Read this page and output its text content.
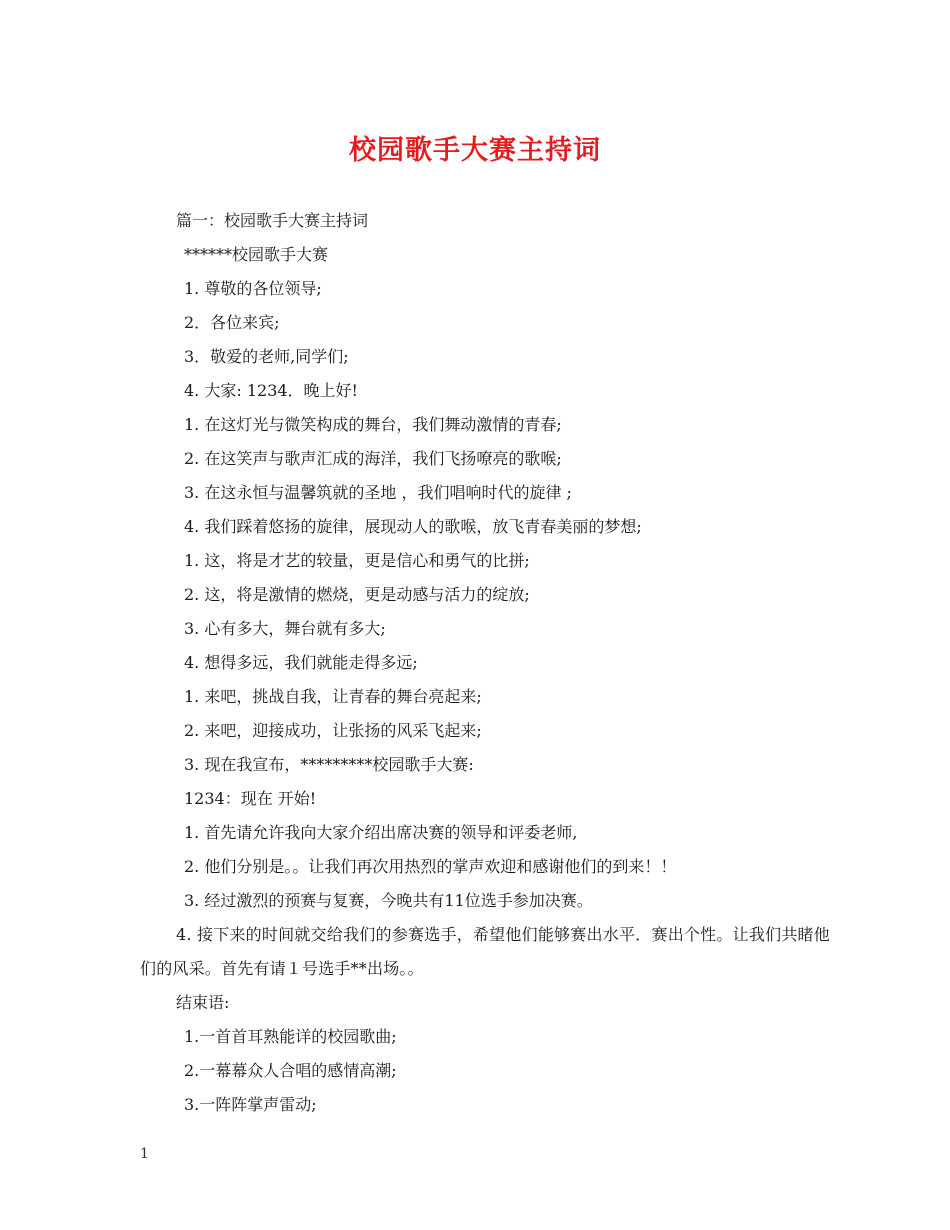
校园歌手大赛主持词

篇一：校园歌手大赛主持词

******校园歌手大赛

1. 尊敬的各位领导;

2．各位来宾;

3．敬爱的老师,同学们;

4. 大家: 1234．晚上好!

1. 在这灯光与微笑构成的舞台，我们舞动激情的青春;

2. 在这笑声与歌声汇成的海洋，我们飞扬嘹亮的歌喉;

3. 在这永恒与温馨筑就的圣地 ，我们唱响时代的旋律 ;

4. 我们踩着悠扬的旋律，展现动人的歌喉，放飞青春美丽的梦想;

1. 这，将是才艺的较量，更是信心和勇气的比拼;

2. 这，将是激情的燃烧，更是动感与活力的绽放;

3. 心有多大，舞台就有多大;

4. 想得多远，我们就能走得多远;

1. 来吧，挑战自我，让青春的舞台亮起来;

2. 来吧，迎接成功，让张扬的风采飞起来;

3. 现在我宣布，*********校园歌手大赛:

1234：现在 开始!

1. 首先请允许我向大家介绍出席决赛的领导和评委老师,

2. 他们分别是。。让我们再次用热烈的掌声欢迎和感谢他们的到来！！

3. 经过激烈的预赛与复赛，今晚共有11位选手参加决赛。

4. 接下来的时间就交给我们的参赛选手，希望他们能够赛出水平．赛出个性。让我们共睹他们的风采。首先有请１号选手**出场。。

结束语:

1.一首首耳熟能详的校园歌曲;

2.一幕幕众人合唱的感情高潮;

3.一阵阵掌声雷动;

1
